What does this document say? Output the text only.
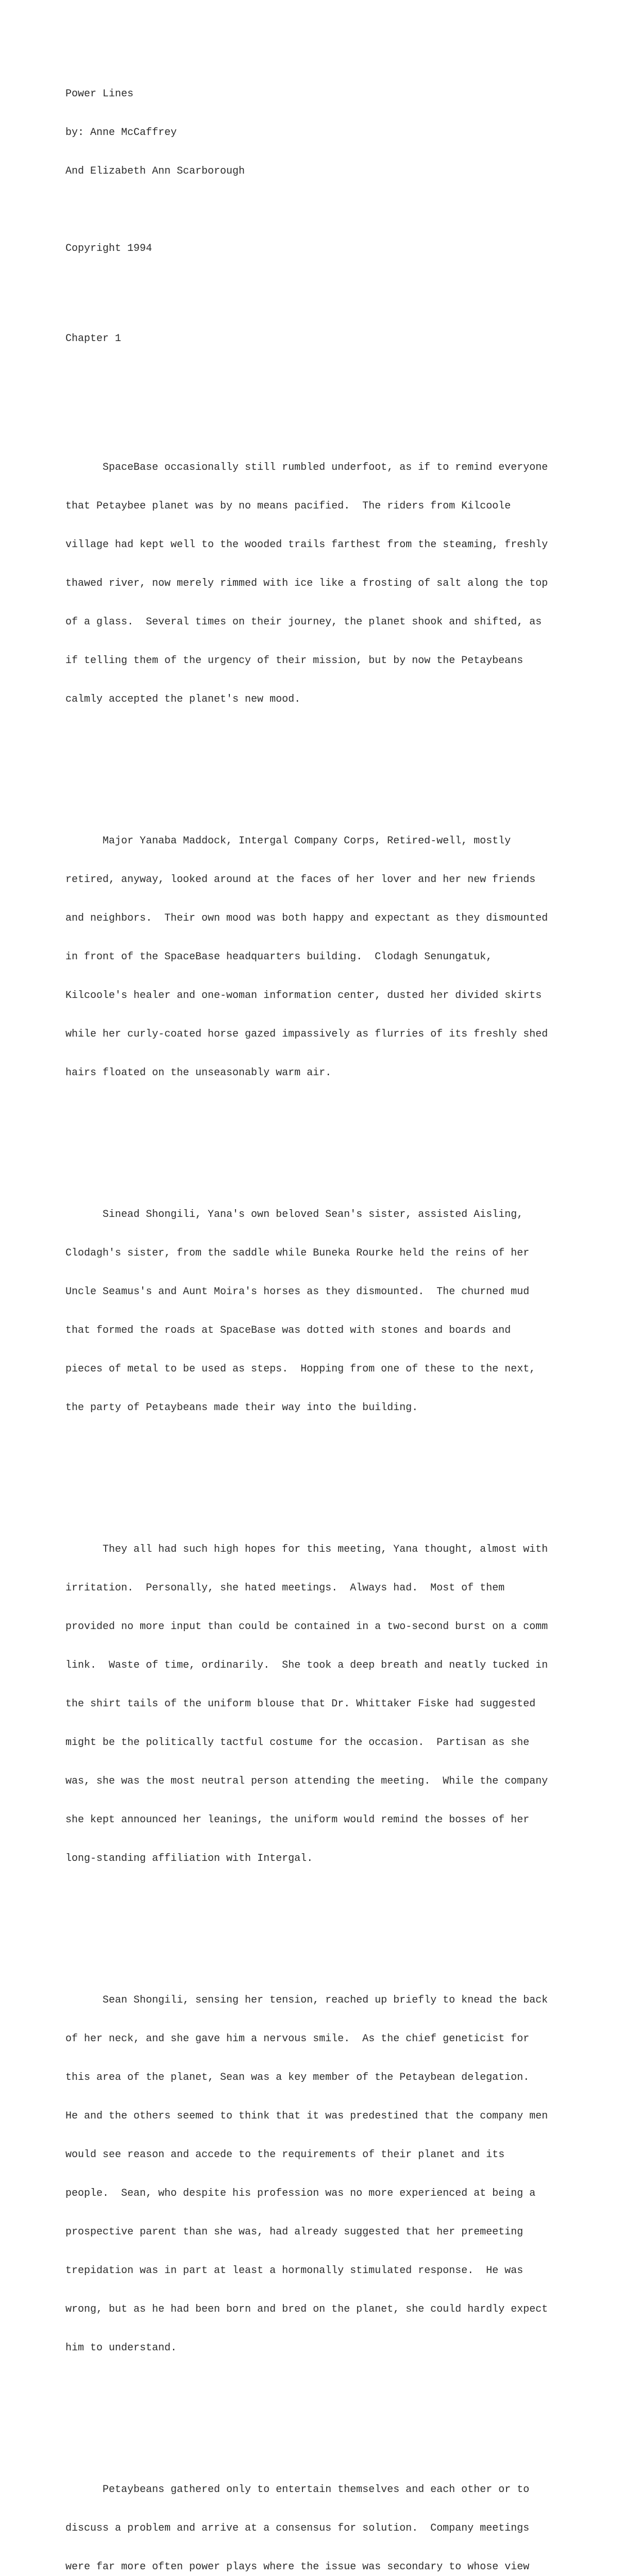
Power Lines

by: Anne McCaffrey

And Elizabeth Ann Scarborough

Copyright 1994

Chapter 1

SpaceBase occasionally still rumbled underfoot, as if to remind everyone

that Petaybee planet was by no means pacified.  The riders from Kilcoole

village had kept well to the wooded trails farthest from the steaming, freshly

thawed river, now merely rimmed with ice like a frosting of salt along the top

of a glass.  Several times on their journey, the planet shook and shifted, as

if telling them of the urgency of their mission, but by now the Petaybeans

calmly accepted the planet's new mood.

Major Yanaba Maddock, Intergal Company Corps, Retired-well, mostly

retired, anyway, looked around at the faces of her lover and her new friends

and neighbors.  Their own mood was both happy and expectant as they dismounted

in front of the SpaceBase headquarters building.  Clodagh Senungatuk,

Kilcoole's healer and one-woman information center, dusted her divided skirts

while her curly-coated horse gazed impassively as flurries of its freshly shed

hairs floated on the unseasonably warm air.

Sinead Shongili, Yana's own beloved Sean's sister, assisted Aisling,

Clodagh's sister, from the saddle while Buneka Rourke held the reins of her

Uncle Seamus's and Aunt Moira's horses as they dismounted.  The churned mud

that formed the roads at SpaceBase was dotted with stones and boards and

pieces of metal to be used as steps.  Hopping from one of these to the next,

the party of Petaybeans made their way into the building.

They all had such high hopes for this meeting, Yana thought, almost with

irritation.  Personally, she hated meetings.  Always had.  Most of them

provided no more input than could be contained in a two-second burst on a comm

link.  Waste of time, ordinarily.  She took a deep breath and neatly tucked in

the shirt tails of the uniform blouse that Dr. Whittaker Fiske had suggested

might be the politically tactful costume for the occasion.  Partisan as she

was, she was the most neutral person attending the meeting.  While the company

she kept announced her leanings, the uniform would remind the bosses of her

long-standing affiliation with Intergal.

Sean Shongili, sensing her tension, reached up briefly to knead the back

of her neck, and she gave him a nervous smile.  As the chief geneticist for

this area of the planet, Sean was a key member of the Petaybean delegation.

He and the others seemed to think that it was predestined that the company men

would see reason and accede to the requirements of their planet and its

people.  Sean, who despite his profession was no more experienced at being a

prospective parent than she was, had already suggested that her premeeting

trepidation was in part at least a hormonally stimulated response.  He was

wrong, but as he had been born and bred on the planet, she could hardly expect

him to understand.

Petaybeans gathered only to entertain themselves and each other or to

discuss a problem and arrive at a consensus for solution.  Company meetings

were far more often power plays where the issue was secondary to whose view
